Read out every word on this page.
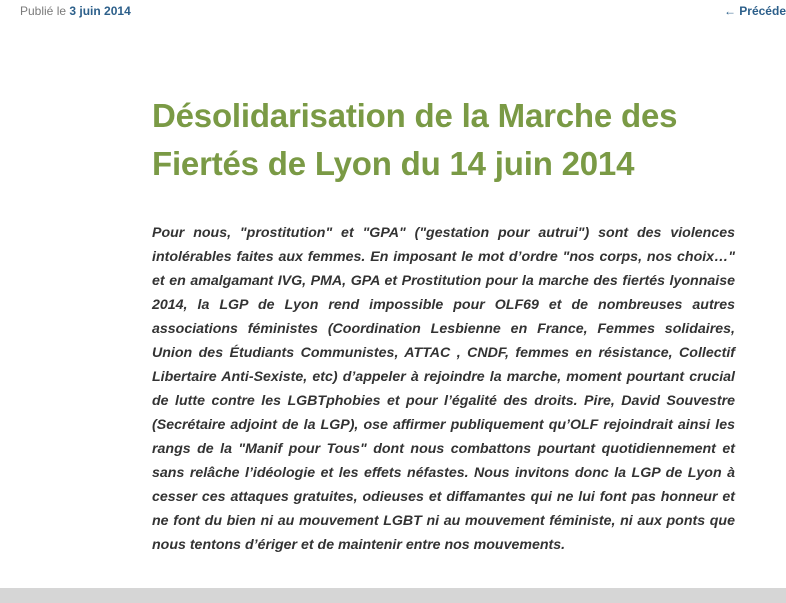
Publié le 3 juin 2014	← Précéde
Désolidarisation de la Marche des Fiertés de Lyon du 14 juin 2014

Pour nous, "prostitution" et "GPA" ("gestation pour autrui") sont des violences intolérables faites aux femmes. En imposant le mot d’ordre "nos corps, nos choix…" et en amalgamant IVG, PMA, GPA et Prostitution pour la marche des fiertés lyonnaise 2014, la LGP de Lyon rend impossible pour OLF69 et de nombreuses autres associations féministes (Coordination Lesbienne en France, Femmes solidaires, Union des Étudiants Communistes, ATTAC , CNDF, femmes en résistance, Collectif Libertaire Anti-Sexiste, etc) d’appeler à rejoindre la marche, moment pourtant crucial de lutte contre les LGBTphobies et pour l’égalité des droits. Pire, David Souvestre (Secrétaire adjoint de la LGP), ose affirmer publiquement qu’OLF rejoindrait ainsi les rangs de la "Manif pour Tous" dont nous combattons pourtant quotidiennement et sans relâche l’idéologie et les effets néfastes. Nous invitons donc la LGP de Lyon à cesser ces attaques gratuites, odieuses et diffamantes qui ne lui font pas honneur et ne font du bien ni au mouvement LGBT ni au mouvement féministe, ni aux ponts que nous tentons d’ériger et de maintenir entre nos mouvements.
